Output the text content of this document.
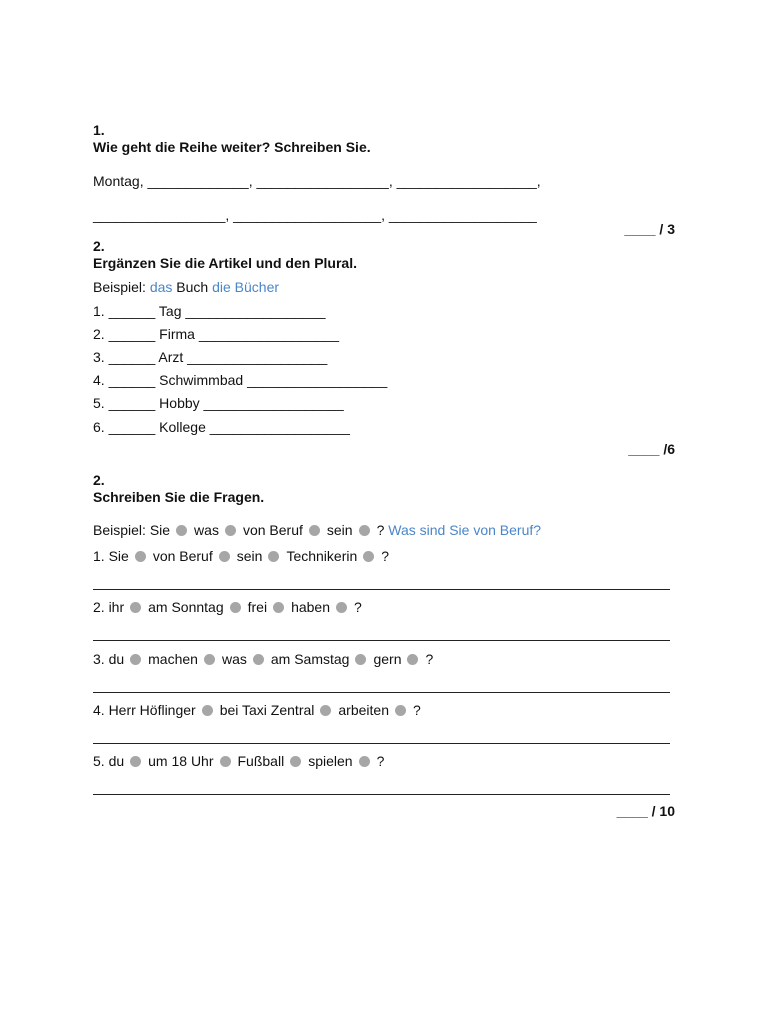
1.
Wie geht die Reihe weiter? Schreiben Sie.
Montag, _____________, _________________, __________________,
_________________, ___________________, ___________________
____ / 3
2.
Ergänzen Sie die Artikel und den Plural.
Beispiel: das Buch die Bücher
1. ______ Tag __________________
2. ______ Firma __________________
3. ______ Arzt __________________
4. ______ Schwimmbad __________________
5. ______ Hobby __________________
6. ______ Kollege __________________
____ /6
2.
Schreiben Sie die Fragen.
Beispiel: Sie was von Beruf sein ? Was sind Sie von Beruf?
1. Sie von Beruf sein Technikerin ?
2. ihr am Sonntag frei haben ?
3. du machen was am Samstag gern ?
4. Herr Höflinger bei Taxi Zentral arbeiten ?
5. du um 18 Uhr Fußball spielen ?
____ / 10
